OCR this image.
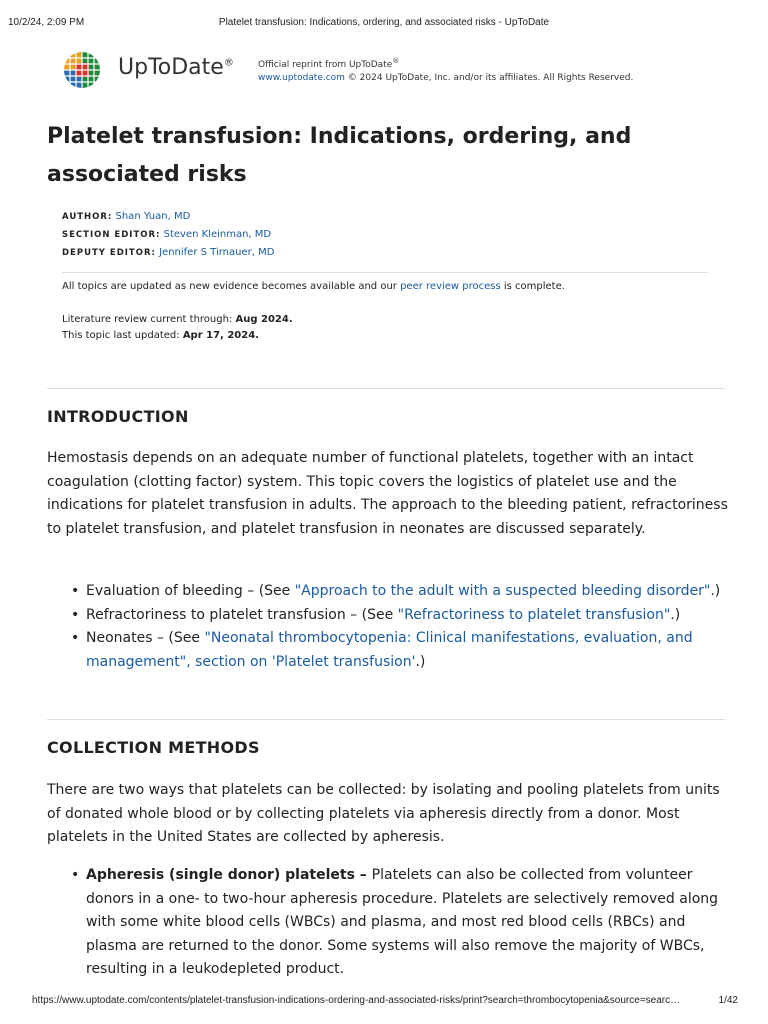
10/2/24, 2:09 PM	Platelet transfusion: Indications, ordering, and associated risks - UpToDate
UpToDate®	Official reprint from UpToDate®
www.uptodate.com © 2024 UpToDate, Inc. and/or its affiliates. All Rights Reserved.
Platelet transfusion: Indications, ordering, and associated risks
AUTHOR: Shan Yuan, MD
SECTION EDITOR: Steven Kleinman, MD
DEPUTY EDITOR: Jennifer S Tirnauer, MD
All topics are updated as new evidence becomes available and our peer review process is complete.
Literature review current through: Aug 2024.
This topic last updated: Apr 17, 2024.
INTRODUCTION

Hemostasis depends on an adequate number of functional platelets, together with an intact coagulation (clotting factor) system. This topic covers the logistics of platelet use and the indications for platelet transfusion in adults. The approach to the bleeding patient, refractoriness to platelet transfusion, and platelet transfusion in neonates are discussed separately.

• Evaluation of bleeding – (See "Approach to the adult with a suspected bleeding disorder".)
• Refractoriness to platelet transfusion – (See "Refractoriness to platelet transfusion".)
• Neonates – (See "Neonatal thrombocytopenia: Clinical manifestations, evaluation, and management", section on 'Platelet transfusion'.)
COLLECTION METHODS

There are two ways that platelets can be collected: by isolating and pooling platelets from units of donated whole blood or by collecting platelets via apheresis directly from a donor. Most platelets in the United States are collected by apheresis.

• Apheresis (single donor) platelets – Platelets can also be collected from volunteer donors in a one- to two-hour apheresis procedure. Platelets are selectively removed along with some white blood cells (WBCs) and plasma, and most red blood cells (RBCs) and plasma are returned to the donor. Some systems will also remove the majority of WBCs, resulting in a leukodepleted product.
https://www.uptodate.com/contents/platelet-transfusion-indications-ordering-and-associated-risks/print?search=thrombocytopenia&source=searc…	1/42
